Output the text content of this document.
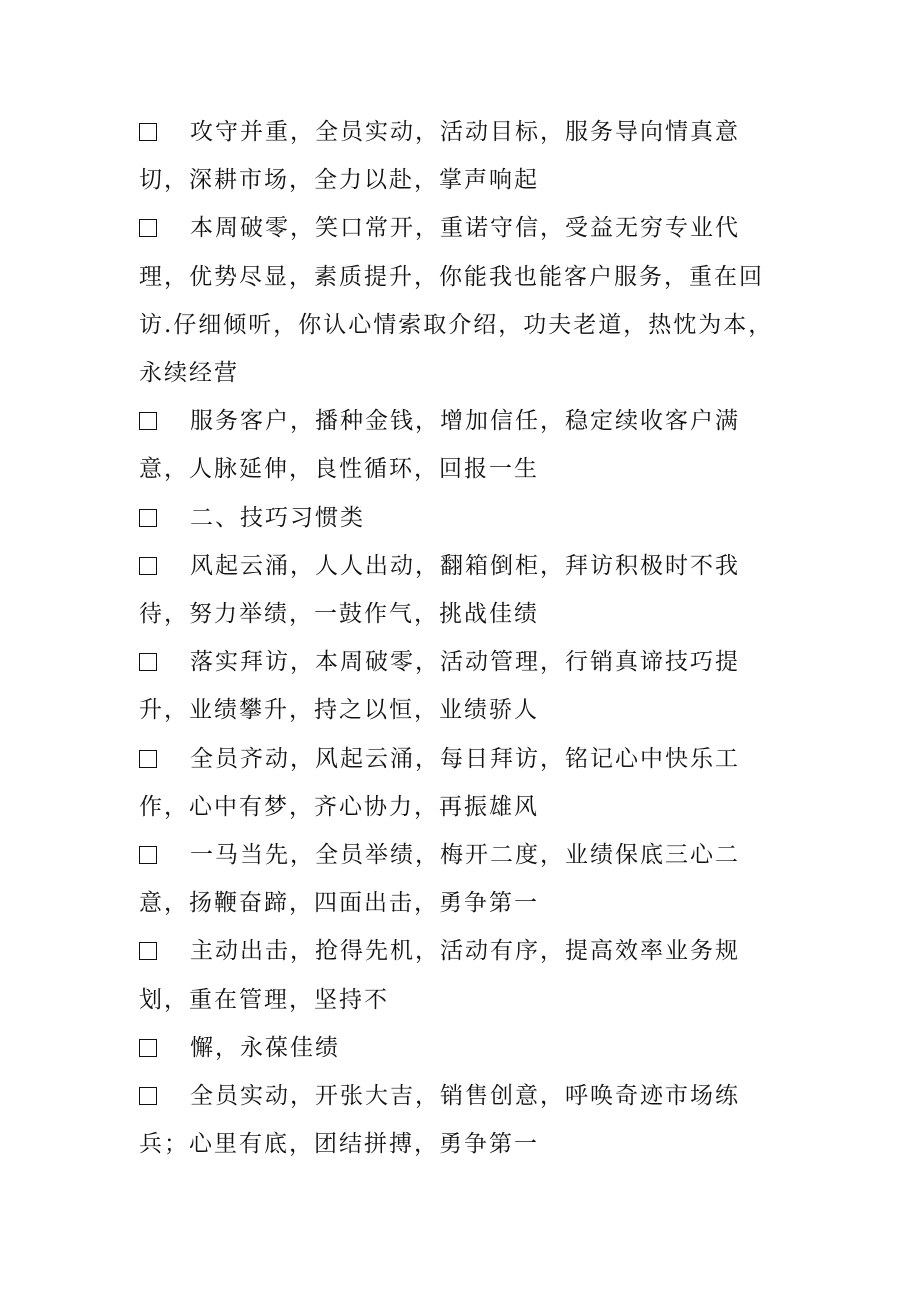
攻守并重，全员实动，活动目标，服务导向情真意切，深耕市场，全力以赴，掌声响起

本周破零，笑口常开，重诺守信，受益无穷专业代理，优势尽显，素质提升，你能我也能客户服务，重在回访.仔细倾听，你认心情索取介绍，功夫老道，热忱为本，永续经营

服务客户，播种金钱，增加信任，稳定续收客户满意，人脉延伸，良性循环，回报一生

二、技巧习惯类

风起云涌，人人出动，翻箱倒柜，拜访积极时不我待，努力举绩，一鼓作气，挑战佳绩

落实拜访，本周破零，活动管理，行销真谛技巧提升，业绩攀升，持之以恒，业绩骄人

全员齐动，风起云涌，每日拜访，铭记心中快乐工作，心中有梦，齐心协力，再振雄风

一马当先，全员举绩，梅开二度，业绩保底三心二意，扬鞭奋蹄，四面出击，勇争第一

主动出击，抢得先机，活动有序，提高效率业务规划，重在管理，坚持不

懈，永葆佳绩

全员实动，开张大吉，销售创意，呼唤奇迹市场练兵；心里有底，团结拼搏，勇争第一
